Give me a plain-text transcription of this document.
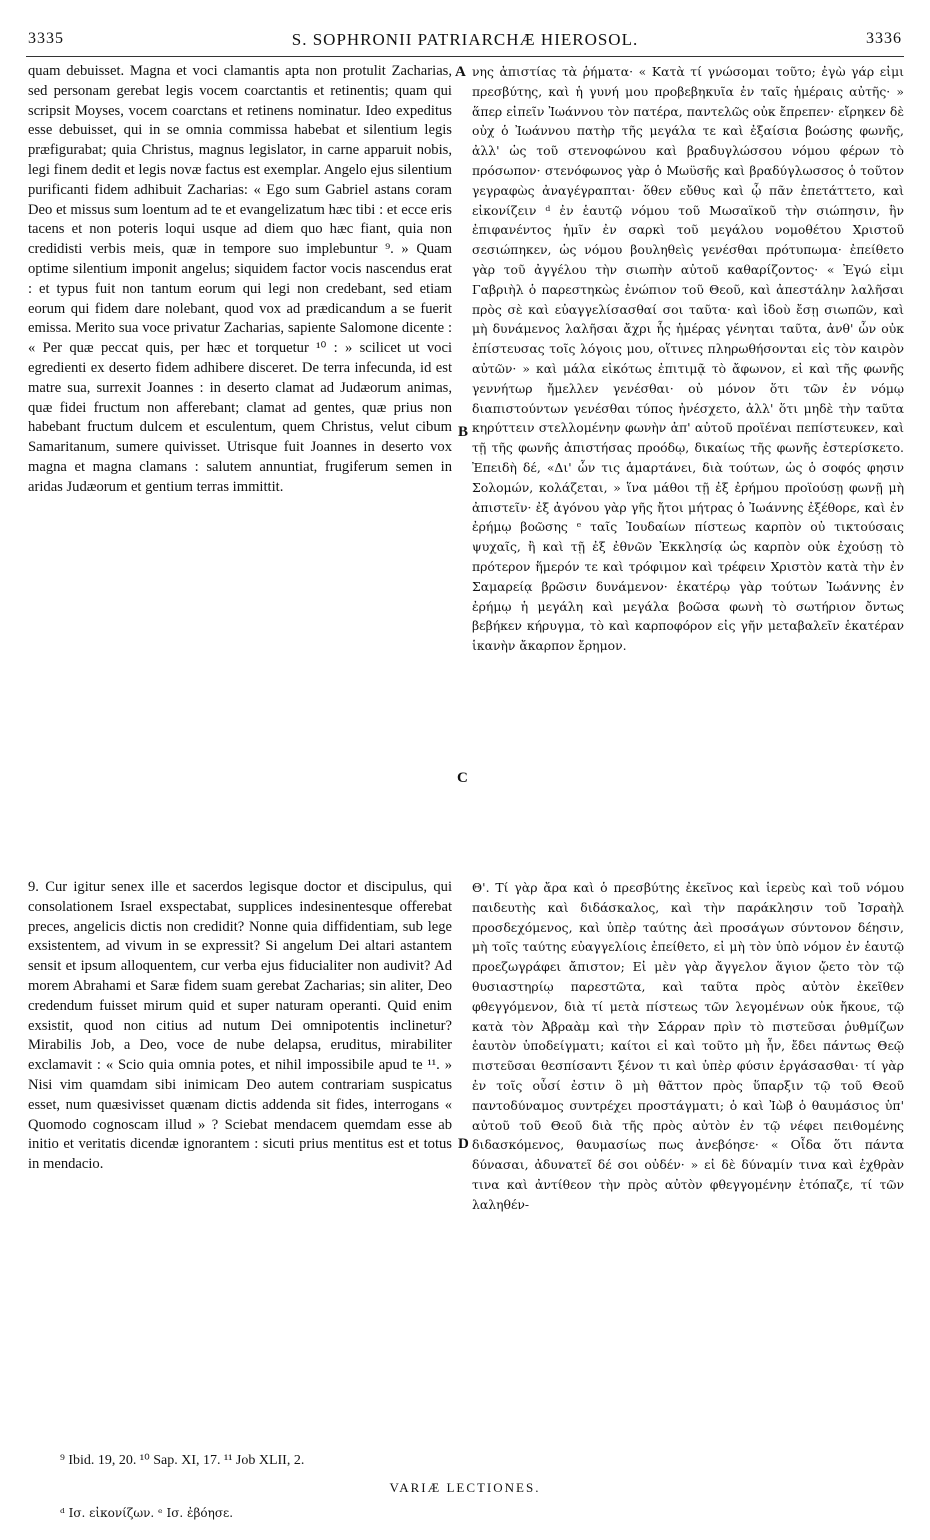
3335	S. SOPHRONII PATRIARCHÆ HIEROSOL.	3336

quam debuisset. Magna et voci clamantis apta non protulit Zacharias, sed personam gerebat legis vocem coarctantis et retinentis; quam qui scripsit Moyses, vocem coarctans et retinens nominatur. Ideo expeditus esse debuisset, qui in se omnia commissa habebat et silentium legis præfigurabat; quia Christus, magnus legislator, in carne apparuit nobis, legi finem dedit et legis novæ factus est exemplar. Angelo ejus silentium purificanti fidem adhibuit Zacharias: « Ego sum Gabriel astans coram Deo et missus sum loentum ad te et evangelizatum hæc tibi : et ecce eris tacens et non poteris loqui usque ad diem quo hæc fiant, quia non credidisti verbis meis, quæ in tempore suo implebuntur ⁹. » Quam optime silentium imponit angelus; siquidem factor vocis nascendus erat : et typus fuit non tantum eorum qui legi non credebant, sed etiam eorum qui fidem dare nolebant, quod vox ad prædicandum a se fuerit emissa. Merito sua voce privatur Zacharias, sapiente Salomone dicente : « Per quæ peccat quis, per hæc et torquetur ¹⁰ : » scilicet ut voci egredienti ex deserto fidem adhibere disceret. De terra infecunda, id est matre sua, surrexit Joannes : in deserto clamat ad Judæorum animas, quæ fidei fructum non afferebant; clamat ad gentes, quæ prius non habebant fructum dulcem et esculentum, quem Christus, velut cibum Samaritanum, sumere quivisset. Utrisque fuit Joannes in deserto vox magna et magna clamans : salutem annuntiat, frugiferum semen in aridas Judæorum et gentium terras immittit.

A
B
C
D

νης ἀπιστίας τὰ ῥήματα· « Κατὰ τί γνώσομαι τοῦτο; ἐγὼ γάρ εἰμι πρεσβύτης, καὶ ἡ γυνή μου προβεβηκυῖα ἐν ταῖς ἡμέραις αὐτῆς· » ἅπερ εἰπεῖν Ἰωάννου τὸν πατέρα, παντελῶς οὐκ ἔπρεπεν· εἴρηκεν δὲ οὐχ ὁ Ἰωάννου πατὴρ τῆς μεγάλα τε καὶ ἐξαίσια βοώσης φωνῆς, ἀλλ' ὡς τοῦ στενοφώνου καὶ βραδυγλώσσου νόμου φέρων τὸ πρόσωπον· στενόφωνος γὰρ ὁ Μωϋσῆς καὶ βραδύγλωσσος ὁ τοῦτον γεγραφὼς ἀναγέγραπται· ὅθεν εὔθυς καὶ ᾧ πᾶν ἐπετάττετο, καὶ εἰκονίζειν ᵈ ἐν ἑαυτῷ νόμου τοῦ Μωσαϊκοῦ τὴν σιώπησιν, ἣν ἐπιφανέντος ἡμῖν ἐν σαρκὶ τοῦ μεγάλου νομοθέτου Χριστοῦ σεσιώπηκεν, ὡς νόμου βουληθεὶς γενέσθαι πρότυπωμα· ἐπείθετο γὰρ τοῦ ἀγγέλου τὴν σιωπὴν αὐτοῦ καθαρίζοντος· « Ἐγώ εἰμι Γαβριὴλ ὁ παρεστηκὼς ἐνώπιον τοῦ Θεοῦ, καὶ ἀπεστάλην λαλῆσαι πρὸς σὲ καὶ εὐαγγελίσασθαί σοι ταῦτα· καὶ ἰδοὺ ἔσῃ σιωπῶν, καὶ μὴ δυνάμενος λαλῆσαι ἄχρι ἧς ἡμέρας γένηται ταῦτα, ἀνθ' ὧν οὐκ ἐπίστευσας τοῖς λόγοις μου, οἵτινες πληρωθήσονται εἰς τὸν καιρὸν αὐτῶν· » καὶ μάλα εἰκότως ἐπιτιμᾷ τὸ ἄφωνον, εἰ καὶ τῆς φωνῆς γεννήτωρ ἤμελλεν γενέσθαι· οὐ μόνον ὅτι τῶν ἐν νόμῳ διαπιστούντων γενέσθαι τύπος ἠνέσχετο, ἀλλ' ὅτι μηδὲ τὴν ταῦτα κηρύττειν στελλομένην φωνὴν ἀπ' αὐτοῦ προϊέναι πεπίστευκεν, καὶ τῇ τῆς φωνῆς ἀπιστήσας προόδῳ, δικαίως τῆς φωνῆς ἐστερίσκετο. Ἐπειδὴ δέ, «Δι' ὧν τις ἁμαρτάνει, διὰ τούτων, ὡς ὁ σοφός φησιν Σολομών, κολάζεται, » ἵνα μάθοι τῇ ἐξ ἐρήμου προϊούσῃ φωνῇ μὴ ἀπιστεῖν· ἐξ ἀγόνου γὰρ γῆς ἤτοι μήτρας ὁ Ἰωάννης ἐξέθορε, καὶ ἐν ἐρήμῳ βοῶσης ᵉ ταῖς Ἰουδαίων πίστεως καρπὸν οὐ τικτούσαις ψυχαῖς, ἢ καὶ τῇ ἐξ ἐθνῶν Ἐκκλησίᾳ ὡς καρπὸν οὐκ ἐχούσῃ τὸ πρότερον ἥμερόν τε καὶ τρόφιμον καὶ τρέφειν Χριστὸν κατὰ τὴν ἐν Σαμαρείᾳ βρῶσιν δυνάμενον· ἑκατέρῳ γὰρ τούτων Ἰωάννης ἐν ἐρήμῳ ἡ μεγάλη καὶ μεγάλα βοῶσα φωνὴ τὸ σωτήριον ὄντως βεβήκεν κήρυγμα, τὸ καὶ καρποφόρον εἰς γῆν μεταβαλεῖν ἑκατέραν ἱκανὴν ἄκαρπον ἔρημον.

9. Cur igitur senex ille et sacerdos legisque doctor et discipulus, qui consolationem Israel exspectabat, supplices indesinentesque offerebat preces, angelicis dictis non credidit? Nonne quia diffidentiam, sub lege exsistentem, ad vivum in se expressit? Si angelum Dei altari astantem sensit et ipsum alloquentem, cur verba ejus fiducialiter non audivit? Ad morem Abrahami et Saræ fidem suam gerebat Zacharias; sin aliter, Deo credendum fuisset mirum quid et super naturam operanti. Quid enim exsistit, quod non citius ad nutum Dei omnipotentis inclinetur? Mirabilis Job, a Deo, voce de nube delapsa, eruditus, mirabiliter exclamavit : « Scio quia omnia potes, et nihil impossibile apud te ¹¹. » Nisi vim quamdam sibi inimicam Deo autem contrariam suspicatus esset, num quæsivisset quænam dictis addenda sit fides, interrogans « Quomodo cognoscam illud » ? Sciebat mendacem quemdam esse ab initio et veritatis dicendæ ignorantem : sicuti prius mentitus est et totus in mendacio.

Θ'. Τί γὰρ ἄρα καὶ ὁ πρεσβύτης ἐκεῖνος καὶ ἱερεὺς καὶ τοῦ νόμου παιδευτὴς καὶ διδάσκαλος, καὶ τὴν παράκλησιν τοῦ Ἰσραὴλ προσδεχόμενος, καὶ ὑπὲρ ταύτης ἀεὶ προσάγων σύντονον δέησιν, μὴ τοῖς ταύτης εὐαγγελίοις ἐπείθετο, εἰ μὴ τὸν ὑπὸ νόμον ἐν ἑαυτῷ προεζωγράφει ἄπιστον; Εἰ μὲν γὰρ ἄγγελον ἅγιον ᾤετο τὸν τῷ θυσιαστηρίῳ παρεστῶτα, καὶ ταῦτα πρὸς αὐτὸν ἐκεῖθεν φθεγγόμενον, διὰ τί μετὰ πίστεως τῶν λεγομένων οὐκ ἤκουε, τῷ κατὰ τὸν Ἀβραὰμ καὶ τὴν Σάρραν πρὶν τὸ πιστεῦσαι ῥυθμίζων ἑαυτὸν ὑποδείγματι; καίτοι εἰ καὶ τοῦτο μὴ ἦν, ἔδει πάντως Θεῷ πιστεῦσαι θεσπίσαντι ξένον τι καὶ ὑπὲρ φύσιν ἐργάσασθαι· τί γὰρ ἐν τοῖς οὖσί ἐστιν ὃ μὴ θᾶττον πρὸς ὕπαρξιν τῷ τοῦ Θεοῦ παντοδύναμος συντρέχει προστάγματι; ὁ καὶ Ἰὼβ ὁ θαυμάσιος ὑπ' αὐτοῦ τοῦ Θεοῦ διὰ τῆς πρὸς αὐτὸν ἐν τῷ νέφει πειθομένης διδασκόμενος, θαυμασίως πως ἀνεβόησε· « Οἶδα ὅτι πάντα δύνασαι, ἀδυνατεῖ δέ σοι οὐδέν· » εἰ δὲ δύναμίν τινα καὶ ἐχθρὰν τινα καὶ ἀντίθεον τὴν πρὸς αὐτὸν φθεγγομένην ἐτόπαζε, τί τῶν λαληθέν-

⁹ Ibid. 19, 20. ¹⁰ Sap. XI, 17. ¹¹ Job XLII, 2.
VARIÆ LECTIONES.
ᵈ Ισ. εἰκονίζων. ᵉ Ισ. ἐβόησε.
